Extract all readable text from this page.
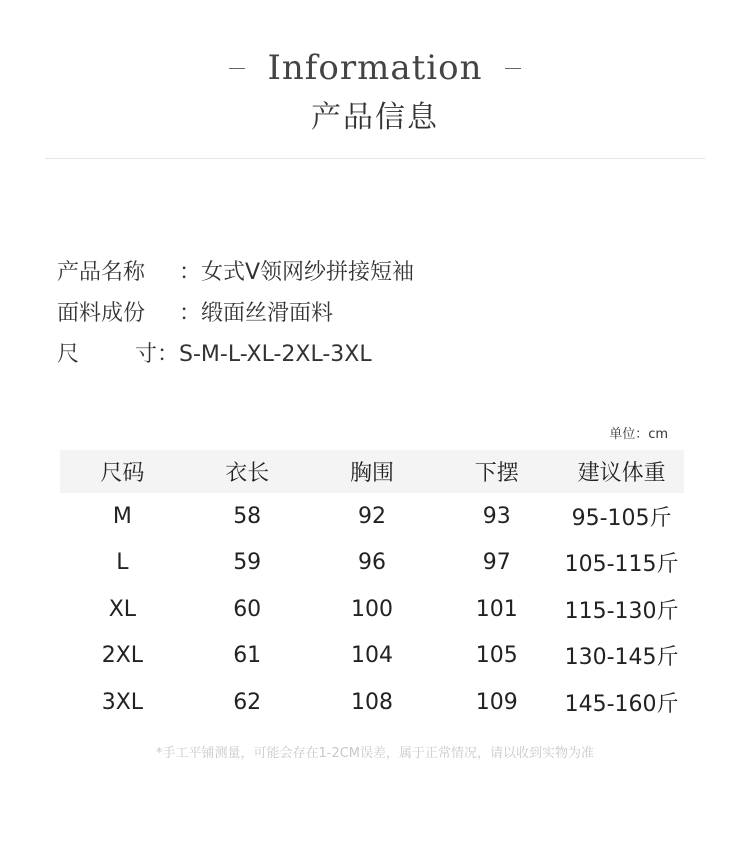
Information
产品信息
产品名称	： 女式V领网纱拼接短袖
面料成份	： 缎面丝滑面料
尺	寸 ： S-M-L-XL-2XL-3XL
单位：cm
尺码	衣长	胸围	下摆	建议体重
M	58	92	93	95-105斤
L	59	96	97	105-115斤
XL	60	100	101	115-130斤
2XL	61	104	105	130-145斤
3XL	62	108	109	145-160斤
*手工平铺测量，可能会存在1-2CM误差，属于正常情况，请以收到实物为准
